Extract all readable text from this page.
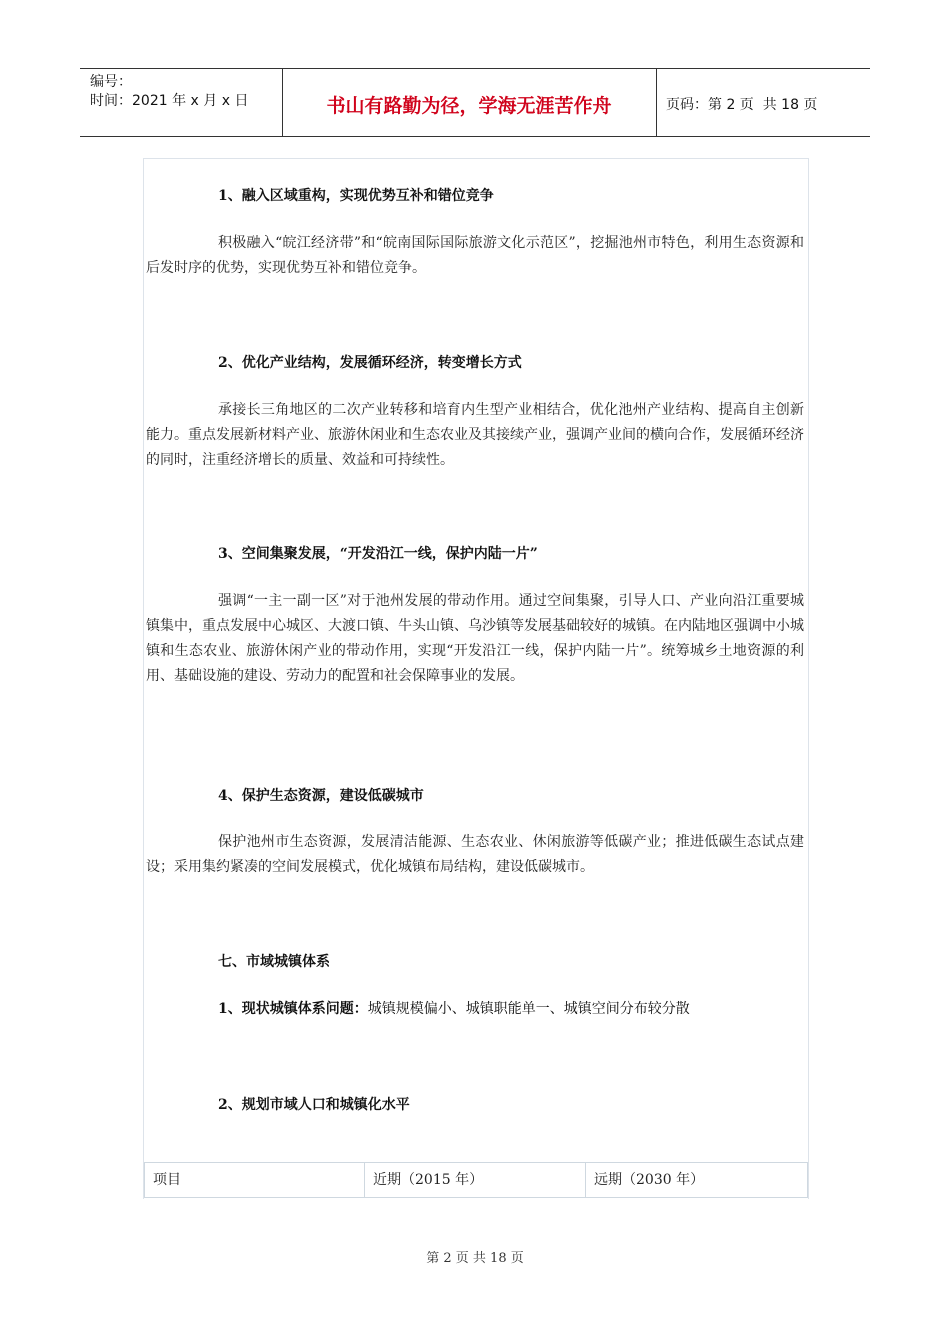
编号：
时间：2021 年 x 月 x 日	书山有路勤为径，学海无涯苦作舟	页码：第 2 页  共 18 页
1、融入区域重构，实现优势互补和错位竞争
积极融入“皖江经济带”和“皖南国际国际旅游文化示范区”，挖掘池州市特色，利用生态资源和后发时序的优势，实现优势互补和错位竞争。
2、优化产业结构，发展循环经济，转变增长方式
承接长三角地区的二次产业转移和培育内生型产业相结合，优化池州产业结构、提高自主创新能力。重点发展新材料产业、旅游休闲业和生态农业及其接续产业，强调产业间的横向合作，发展循环经济的同时，注重经济增长的质量、效益和可持续性。
3、空间集聚发展，“开发沿江一线，保护内陆一片”
强调“一主一副一区”对于池州发展的带动作用。通过空间集聚，引导人口、产业向沿江重要城镇集中，重点发展中心城区、大渡口镇、牛头山镇、乌沙镇等发展基础较好的城镇。在内陆地区强调中小城镇和生态农业、旅游休闲产业的带动作用，实现“开发沿江一线，保护内陆一片”。统筹城乡土地资源的利用、基础设施的建设、劳动力的配置和社会保障事业的发展。
4、保护生态资源，建设低碳城市
保护池州市生态资源，发展清洁能源、生态农业、休闲旅游等低碳产业；推进低碳生态试点建设；采用集约紧凑的空间发展模式，优化城镇布局结构，建设低碳城市。
七、市域城镇体系
1、现状城镇体系问题：城镇规模偏小、城镇职能单一、城镇空间分布较分散
2、规划市域人口和城镇化水平
项目	近期（2015 年）	远期（2030 年）
第 2 页 共 18 页
